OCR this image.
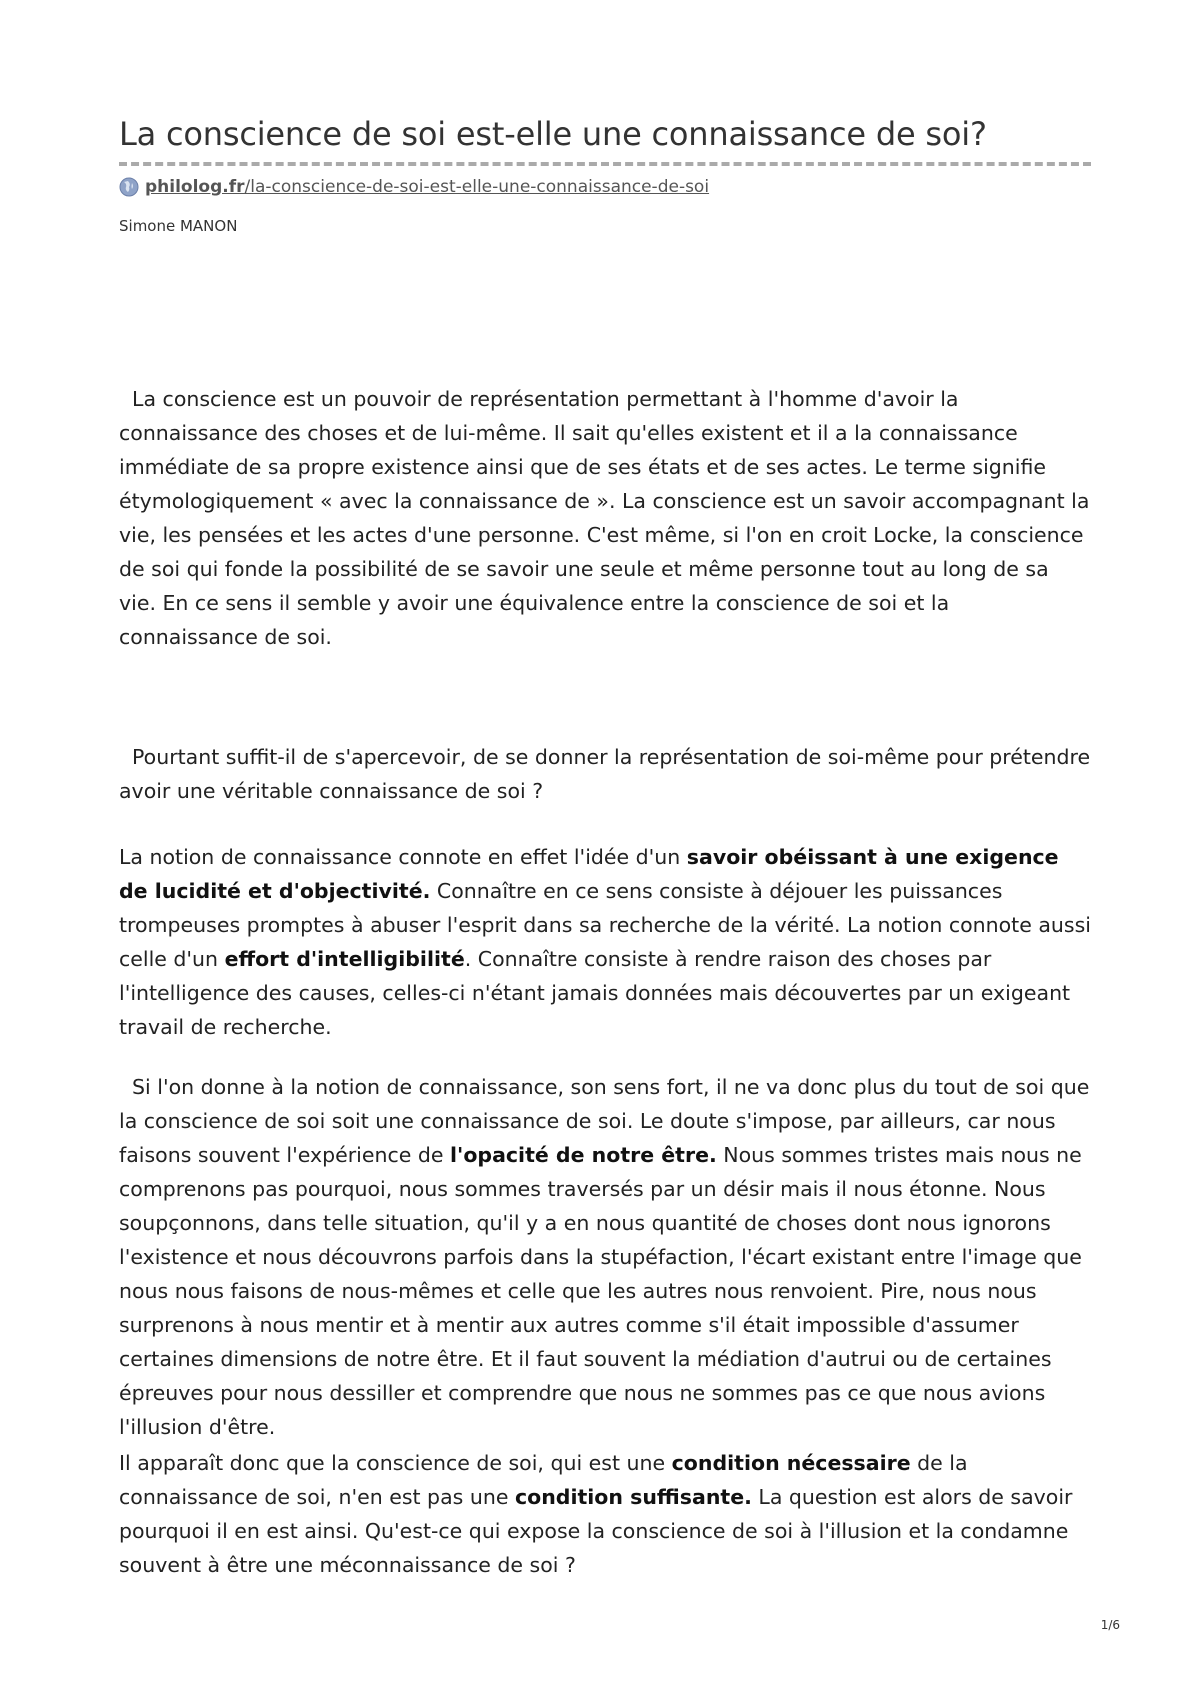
La conscience de soi est-elle une connaissance de soi?
philolog.fr/la-conscience-de-soi-est-elle-une-connaissance-de-soi
Simone MANON

La conscience est un pouvoir de représentation permettant à l'homme d'avoir la connaissance des choses et de lui-même. Il sait qu'elles existent et il a la connaissance immédiate de sa propre existence ainsi que de ses états et de ses actes. Le terme signifie étymologiquement « avec la connaissance de ». La conscience est un savoir accompagnant la vie, les pensées et les actes d'une personne. C'est même, si l'on en croit Locke, la conscience de soi qui fonde la possibilité de se savoir une seule et même personne tout au long de sa vie. En ce sens il semble y avoir une équivalence entre la conscience de soi et la connaissance de soi.

Pourtant suffit-il de s'apercevoir, de se donner la représentation de soi-même pour prétendre avoir une véritable connaissance de soi ?

La notion de connaissance connote en effet l'idée d'un savoir obéissant à une exigence de lucidité et d'objectivité. Connaître en ce sens consiste à déjouer les puissances trompeuses promptes à abuser l'esprit dans sa recherche de la vérité. La notion connote aussi celle d'un effort d'intelligibilité. Connaître consiste à rendre raison des choses par l'intelligence des causes, celles-ci n'étant jamais données mais découvertes par un exigeant travail de recherche.

Si l'on donne à la notion de connaissance, son sens fort, il ne va donc plus du tout de soi que la conscience de soi soit une connaissance de soi. Le doute s'impose, par ailleurs, car nous faisons souvent l'expérience de l'opacité de notre être. Nous sommes tristes mais nous ne comprenons pas pourquoi, nous sommes traversés par un désir mais il nous étonne. Nous soupçonnons, dans telle situation, qu'il y a en nous quantité de choses dont nous ignorons l'existence et nous découvrons parfois dans la stupéfaction, l'écart existant entre l'image que nous nous faisons de nous-mêmes et celle que les autres nous renvoient. Pire, nous nous surprenons à nous mentir et à mentir aux autres comme s'il était impossible d'assumer certaines dimensions de notre être. Et il faut souvent la médiation d'autrui ou de certaines épreuves pour nous dessiller et comprendre que nous ne sommes pas ce que nous avions l'illusion d'être.

Il apparaît donc que la conscience de soi, qui est une condition nécessaire de la connaissance de soi, n'en est pas une condition suffisante. La question est alors de savoir pourquoi il en est ainsi. Qu'est-ce qui expose la conscience de soi à l'illusion et la condamne souvent à être une méconnaissance de soi ?

1/6
